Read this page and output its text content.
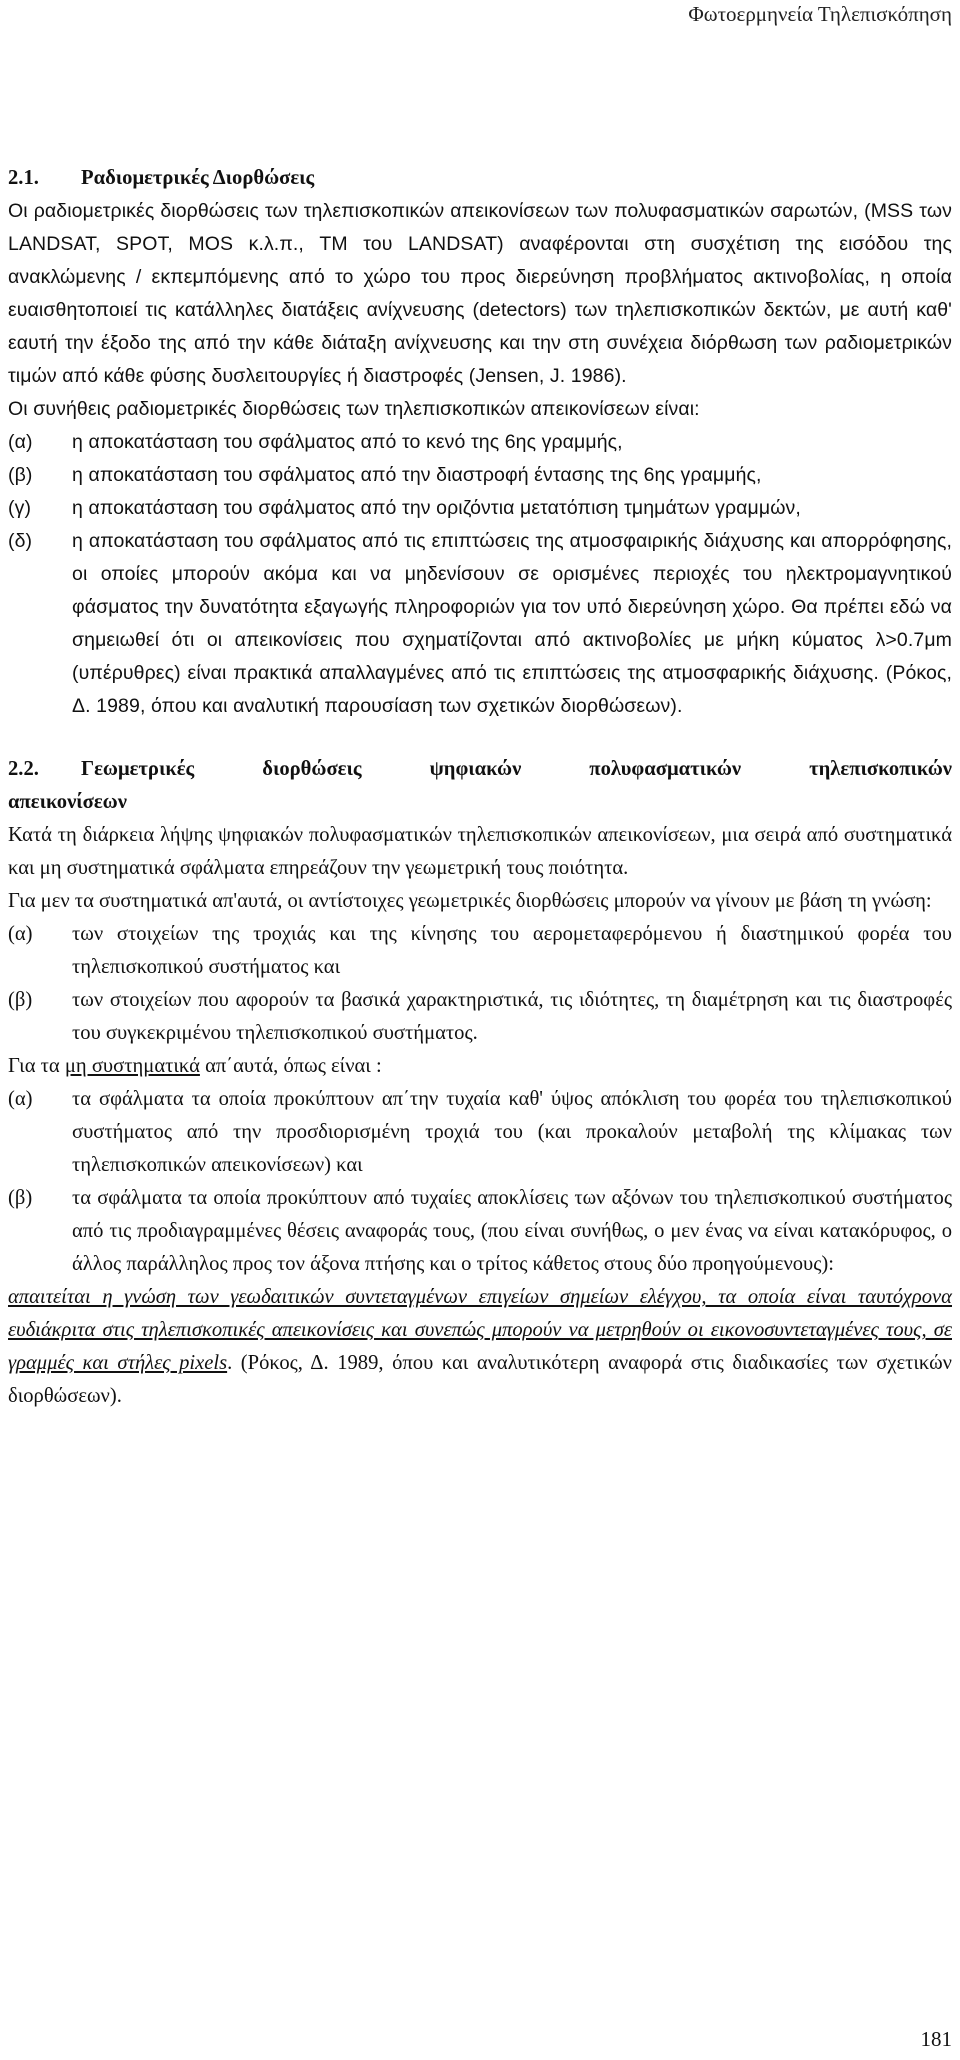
Φωτοερμηνεία Τηλεπισκόπηση
2.1.	Ραδιομετρικές Διορθώσεις

Οι ραδιομετρικές διορθώσεις των τηλεπισκοπικών απεικονίσεων των πολυφασματικών σαρωτών, (MSS των LANDSAT, SPOT, MOS κ.λ.π., TM του LANDSAT) αναφέρονται στη συσχέτιση της εισόδου της ανακλώμενης / εκπεμπόμενης από το χώρο του προς διερεύνηση προβλήματος ακτινοβολίας, η οποία ευαισθητοποιεί τις κατάλληλες διατάξεις ανίχνευσης (detectors) των τηλεπισκοπικών δεκτών, με αυτή καθ' εαυτή την έξοδο της από την κάθε διάταξη ανίχνευσης και την στη συνέχεια διόρθωση των ραδιομετρικών τιμών από κάθε φύσης δυσλειτουργίες ή διαστροφές (Jensen, J. 1986).

Οι συνήθεις ραδιομετρικές διορθώσεις των τηλεπισκοπικών απεικονίσεων είναι:

(α)	η αποκατάσταση του σφάλματος από το κενό της 6ης γραμμής,
(β)	η αποκατάσταση του σφάλματος από την διαστροφή έντασης της 6ης γραμμής,
(γ)	η αποκατάσταση του σφάλματος από την οριζόντια μετατόπιση τμημάτων γραμμών,
(δ)	η αποκατάσταση του σφάλματος από τις επιπτώσεις της ατμοσφαιρικής διάχυσης και απορρόφησης, οι οποίες μπορούν ακόμα και να μηδενίσουν σε ορισμένες περιοχές του ηλεκτρομαγνητικού φάσματος την δυνατότητα εξαγωγής πληροφοριών για τον υπό διερεύνηση χώρο. Θα πρέπει εδώ να σημειωθεί ότι οι απεικονίσεις που σχηματίζονται από ακτινοβολίες με μήκη κύματος λ>0.7μm (υπέρυθρες) είναι πρακτικά απαλλαγμένες από τις επιπτώσεις της ατμοσφαρικής διάχυσης. (Ρόκος, Δ. 1989, όπου και αναλυτική παρουσίαση των σχετικών διορθώσεων).
2.2.	Γεωμετρικές διορθώσεις ψηφιακών πολυφασματικών τηλεπισκοπικών
απεικονίσεων

Κατά τη διάρκεια λήψης ψηφιακών πολυφασματικών τηλεπισκοπικών απεικονίσεων, μια σειρά από συστηματικά και μη συστηματικά σφάλματα επηρεάζουν την γεωμετρική τους ποιότητα.

Για μεν τα συστηματικά απ'αυτά, οι αντίστοιχες γεωμετρικές διορθώσεις μπορούν να γίνουν με βάση τη γνώση:

(α)	των στοιχείων της τροχιάς και της κίνησης του αερομεταφερόμενου ή διαστημικού φορέα του τηλεπισκοπικού συστήματος και
(β)	των στοιχείων που αφορούν τα βασικά χαρακτηριστικά, τις ιδιότητες, τη διαμέτρηση και τις διαστροφές του συγκεκριμένου τηλεπισκοπικού συστήματος.

Για τα μη συστηματικά απ΄αυτά, όπως είναι :

(α)	τα σφάλματα τα οποία προκύπτουν απ΄την τυχαία καθ' ύψος απόκλιση του φορέα του τηλεπισκοπικού συστήματος από την προσδιορισμένη τροχιά του (και προκαλούν μεταβολή της κλίμακας των τηλεπισκοπικών απεικονίσεων) και
(β)	τα σφάλματα τα οποία προκύπτουν από τυχαίες αποκλίσεις των αξόνων του τηλεπισκοπικού συστήματος από τις προδιαγραμμένες θέσεις αναφοράς τους, (που είναι συνήθως, ο μεν ένας να είναι κατακόρυφος, ο άλλος παράλληλος προς τον άξονα πτήσης και ο τρίτος κάθετος στους δύο προηγούμενους):

απαιτείται η γνώση των γεωδαιτικών συντεταγμένων επιγείων σημείων ελέγχου, τα οποία είναι ταυτόχρονα ευδιάκριτα στις τηλεπισκοπικές απεικονίσεις και συνεπώς μπορούν να μετρηθούν οι εικονοσυντεταγμένες τους, σε γραμμές και στήλες pixels. (Ρόκος, Δ. 1989, όπου και αναλυτικότερη αναφορά στις διαδικασίες των σχετικών διορθώσεων).

181
